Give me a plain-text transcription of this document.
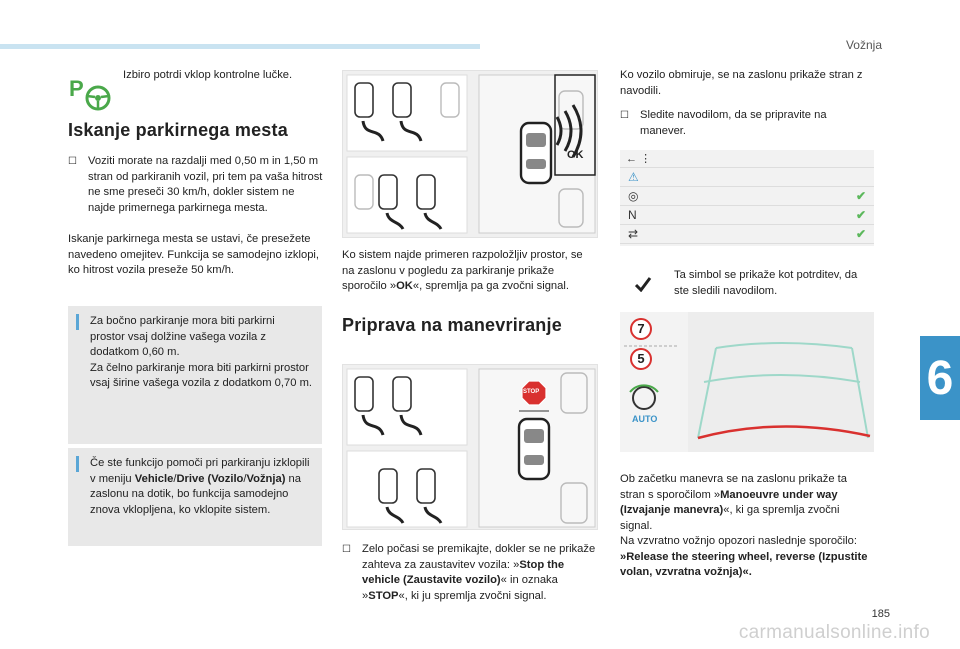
Vožnja
6
185
carmanualsonline.info
P
Izbiro potrdi vklop kontrolne lučke.
Iskanje parkirnega mesta
☐ Voziti morate na razdalji med 0,50 m in 1,50 m stran od parkiranih vozil, pri tem pa vaša hitrost ne sme preseči 30 km/h, dokler sistem ne najde primernega parkirnega mesta.
Iskanje parkirnega mesta se ustavi, če presežete navedeno omejitev. Funkcija se samodejno izklopi, ko hitrost vozila preseže 50 km/h.
Za bočno parkiranje mora biti parkirni prostor vsaj dolžine vašega vozila z dodatkom 0,60 m.
Za čelno parkiranje mora biti parkirni prostor vsaj širine vašega vozila z dodatkom 0,70 m.
Če ste funkcijo pomoči pri parkiranju izklopili v meniju Vehicle/Drive (Vozilo/Vožnja) na zaslonu na dotik, bo funkcija samodejno znova vklopljena, ko vklopite sistem.
OK
Ko sistem najde primeren razpoložljiv prostor, se na zaslonu v pogledu za parkiranje prikaže sporočilo »OK«, spremlja pa ga zvočni signal.
Priprava na manevriranje
STOP
☐ Zelo počasi se premikajte, dokler se ne prikaže zahteva za zaustavitev vozila: »Stop the vehicle (Zaustavite vozilo)« in oznaka »STOP«, ki ju spremlja zvočni signal.
Ko vozilo obmiruje, se na zaslonu prikaže stran z navodili.
☐ Sledite navodilom, da se pripravite na manever.
← ⋮
⚠
◎	✔
N	✔
⇄	✔
Ta simbol se prikaže kot potrditev, da ste sledili navodilom.
7
5
AUTO
Ob začetku manevra se na zaslonu prikaže ta stran s sporočilom »Manoeuvre under way (Izvajanje manevra)«, ki ga spremlja zvočni signal.
Na vzvratno vožnjo opozori naslednje sporočilo: »Release the steering wheel, reverse (Izpustite volan, vzvratna vožnja)«.
